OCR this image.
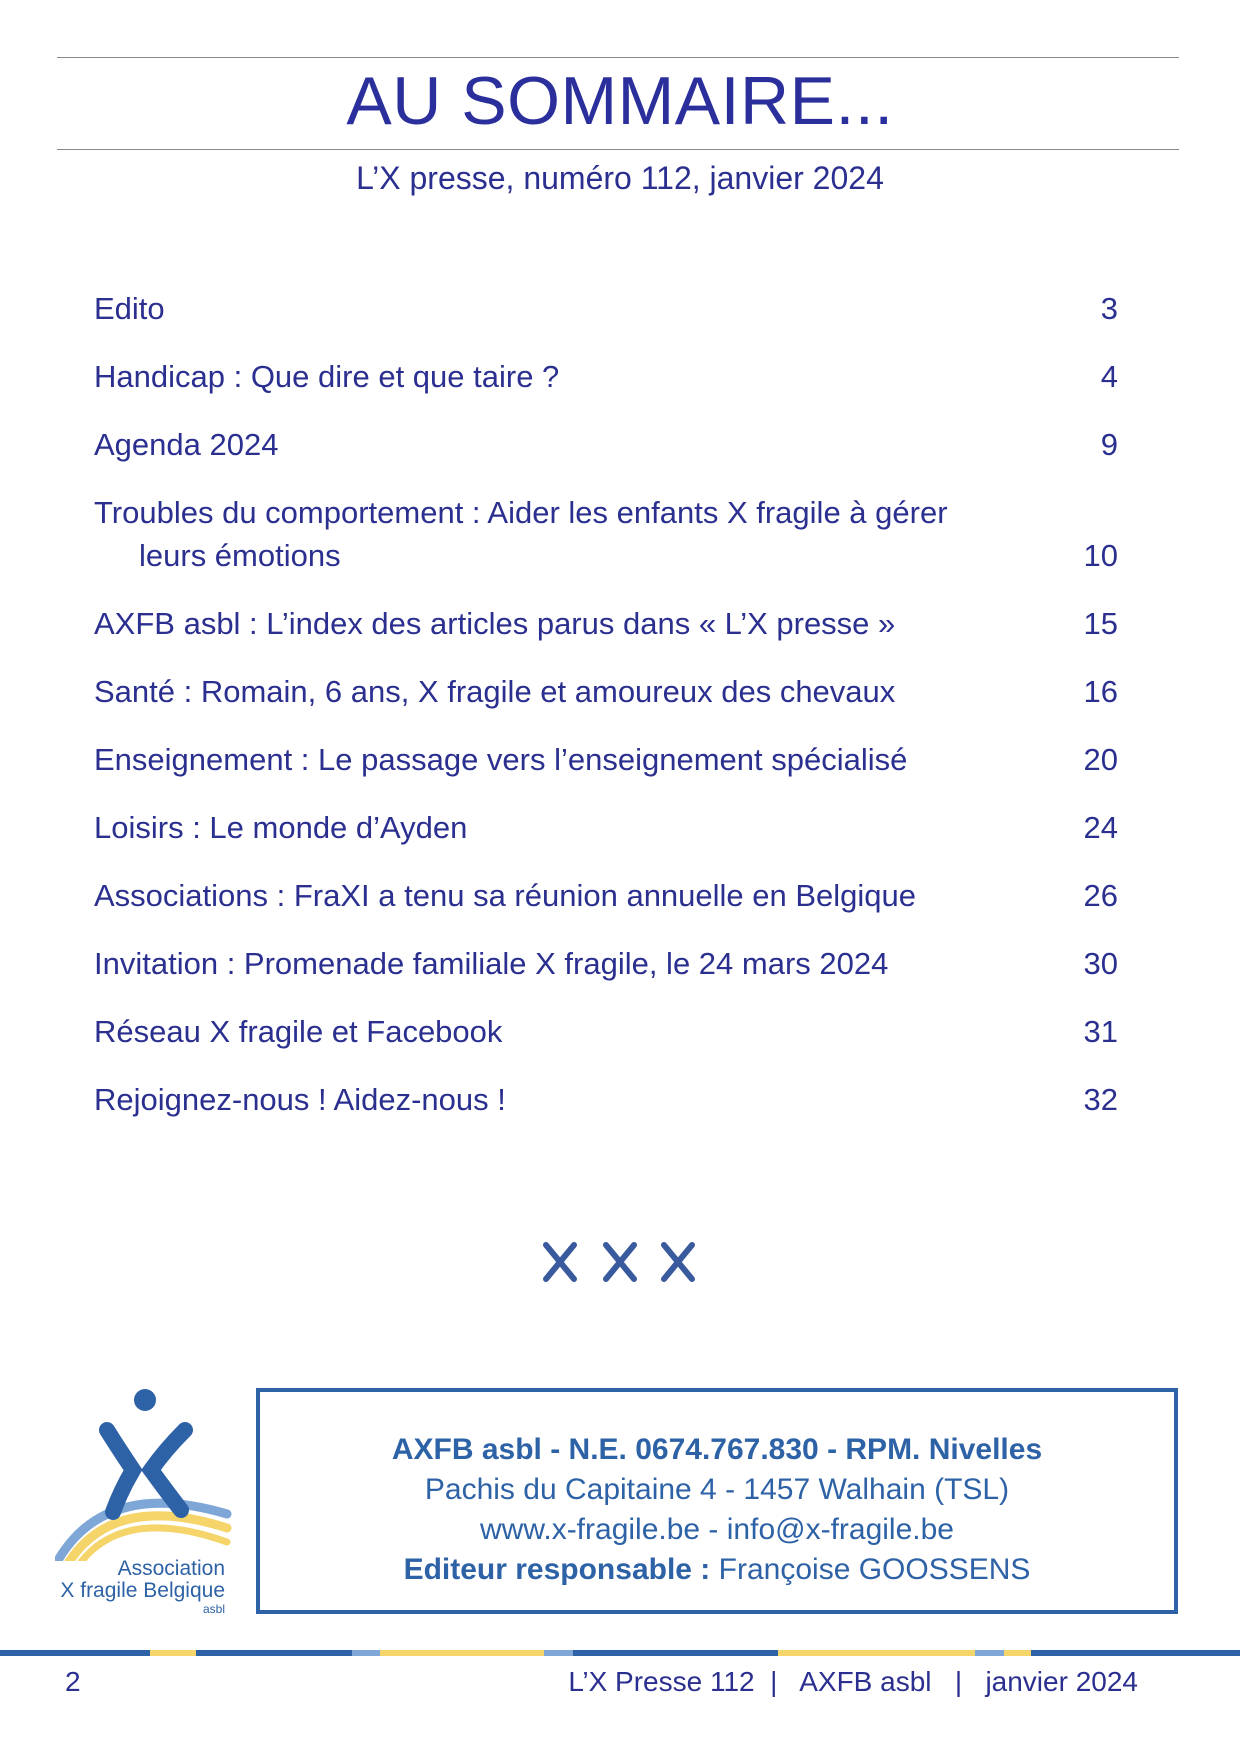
AU SOMMAIRE...
L’X presse, numéro 112, janvier 2024
Edito	3
Handicap : Que dire et que taire ?	4
Agenda 2024	9
Troubles du comportement : Aider les enfants X fragile à gérer
leurs émotions	10
AXFB asbl : L’index des articles parus dans « L’X presse »	15
Santé : Romain, 6 ans, X fragile et amoureux des chevaux	16
Enseignement : Le passage vers l’enseignement spécialisé	20
Loisirs : Le monde d’Ayden	24
Associations : FraXI a tenu sa réunion annuelle en Belgique	26
Invitation : Promenade familiale X fragile, le 24 mars 2024	30
Réseau X fragile et Facebook	31
Rejoignez-nous ! Aidez-nous !	32
Association
X fragile Belgique
asbl
AXFB asbl - N.E. 0674.767.830 - RPM. Nivelles
Pachis du Capitaine 4 - 1457 Walhain (TSL)
www.x-fragile.be - info@x-fragile.be
Editeur responsable : Françoise GOOSSENS
2	L’X Presse 112  |   AXFB asbl   |   janvier 2024
